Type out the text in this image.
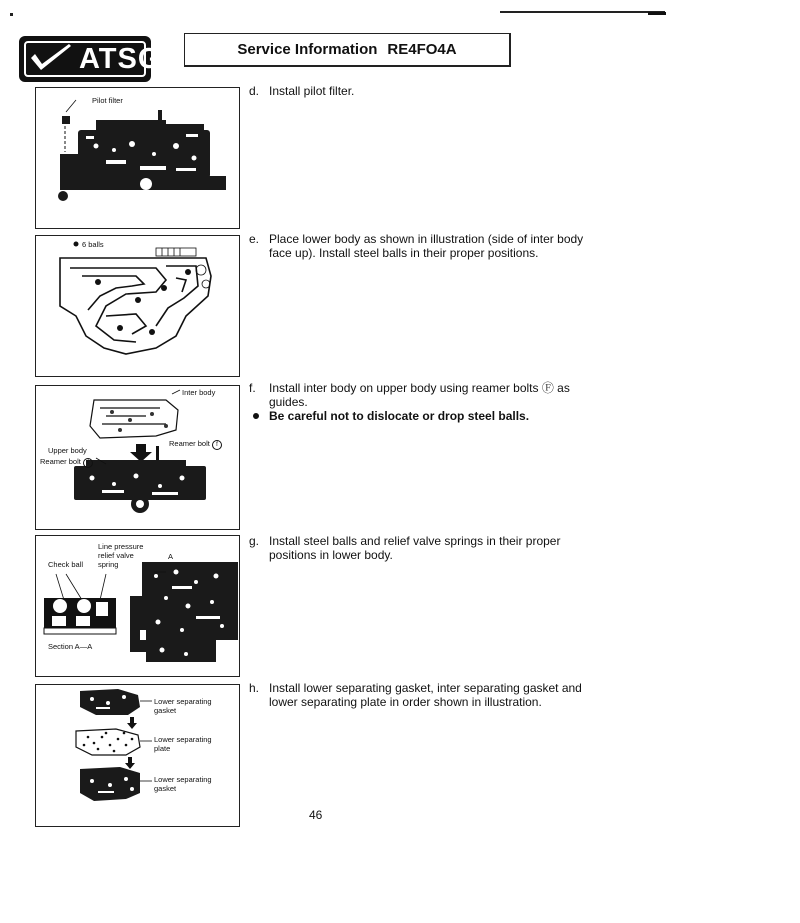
ATSG	Service Information RE4FO4A
Pilot filter
6 balls
Inter body
Reamer bolt f
Upper body
Reamer bolt f
Line pressure
relief valve
spring
Check ball
A
Section A—A
Lower separating
gasket
Lower separating
plate
Lower separating
gasket
d. Install pilot filter.
e. Place lower body as shown in illustration (side of inter body face up). Install steel balls in their proper positions.
f.	Install inter body on upper body using reamer bolts Ⓕ as guides.
Be careful not to dislocate or drop steel balls.
g. Install steel balls and relief valve springs in their proper positions in lower body.
h. Install lower separating gasket, inter separating gasket and lower separating plate in order shown in illustration.
46
